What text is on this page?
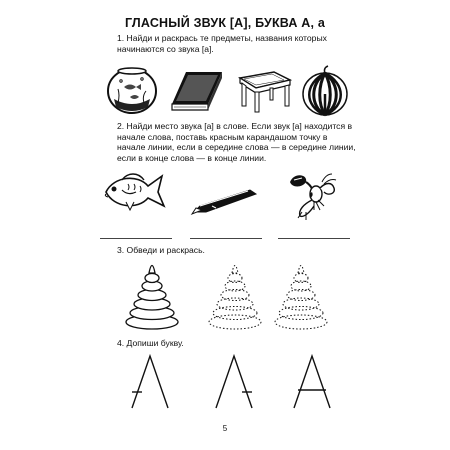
ГЛАСНЫЙ ЗВУК [А], БУКВА А, а

1. Найди и раскрась те предметы, названия которых начинаются со звука [а].

2. Найди место звука [а] в слове. Если звук [а] находится в начале слова, поставь красным карандашом точку в начале линии, если в середине слова — в середине линии, если в конце слова — в конце линии.

3. Обведи и раскрась.

4. Допиши букву.

5
